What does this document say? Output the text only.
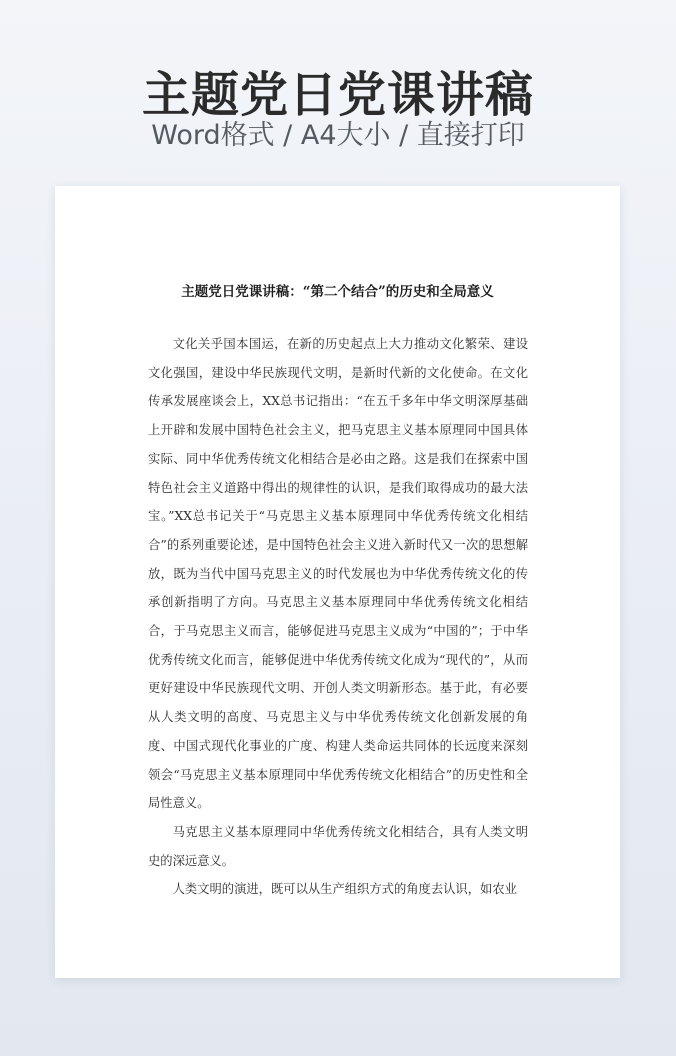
主题党日党课讲稿
Word格式 / A4大小 / 直接打印
主题党日党课讲稿：“第二个结合”的历史和全局意义

文化关乎国本国运，在新的历史起点上大力推动文化繁荣、建设文化强国，建设中华民族现代文明，是新时代新的文化使命。在文化传承发展座谈会上，XX总书记指出：“在五千多年中华文明深厚基础上开辟和发展中国特色社会主义，把马克思主义基本原理同中国具体实际、同中华优秀传统文化相结合是必由之路。这是我们在探索中国特色社会主义道路中得出的规律性的认识，是我们取得成功的最大法宝。”XX总书记关于“马克思主义基本原理同中华优秀传统文化相结合”的系列重要论述，是中国特色社会主义进入新时代又一次的思想解放，既为当代中国马克思主义的时代发展也为中华优秀传统文化的传承创新指明了方向。马克思主义基本原理同中华优秀传统文化相结合，于马克思主义而言，能够促进马克思主义成为“中国的”；于中华优秀传统文化而言，能够促进中华优秀传统文化成为“现代的”，从而更好建设中华民族现代文明、开创人类文明新形态。基于此，有必要从人类文明的高度、马克思主义与中华优秀传统文化创新发展的角度、中国式现代化事业的广度、构建人类命运共同体的长远度来深刻领会“马克思主义基本原理同中华优秀传统文化相结合”的历史性和全局性意义。

马克思主义基本原理同中华优秀传统文化相结合，具有人类文明史的深远意义。

人类文明的演进，既可以从生产组织方式的角度去认识，如农业
